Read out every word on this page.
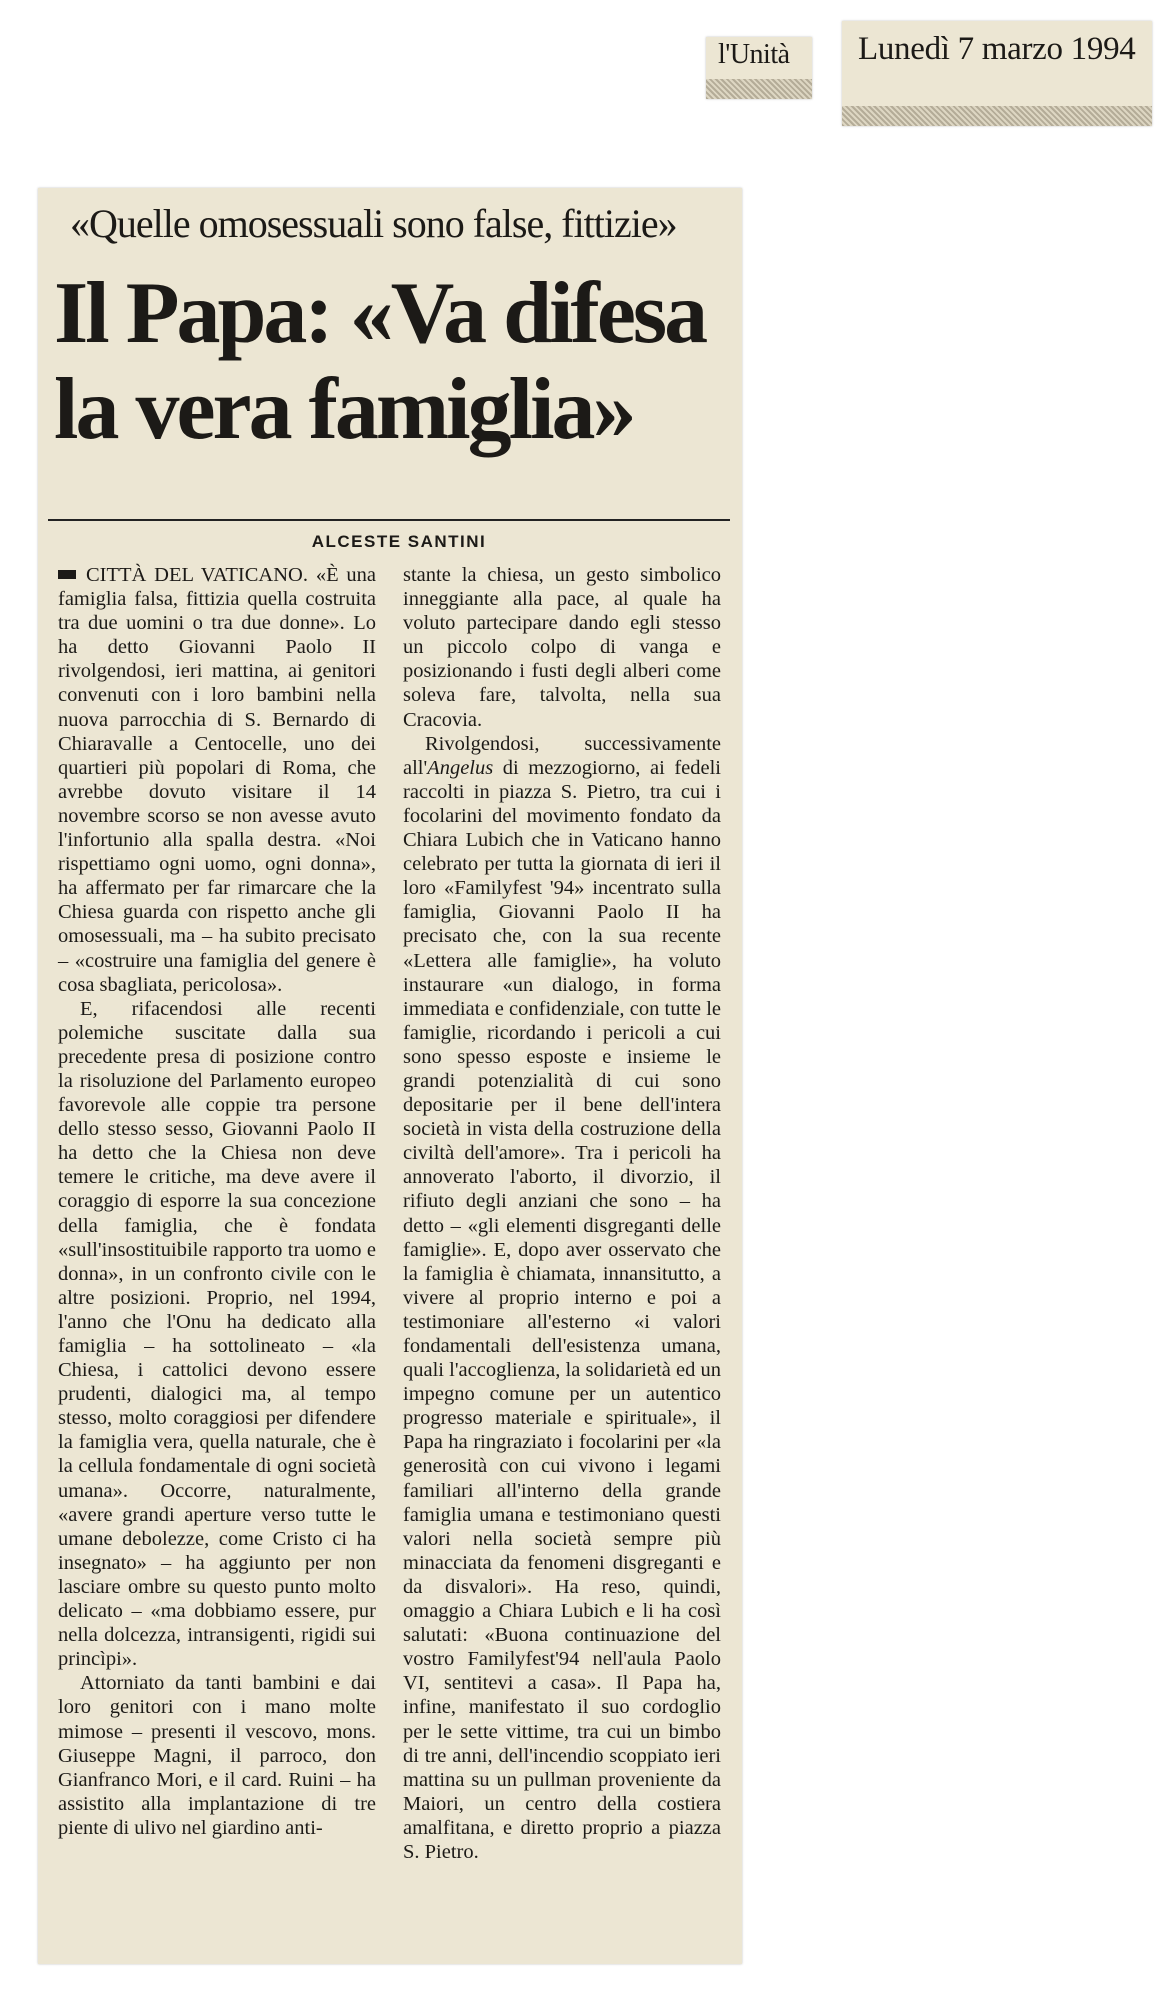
l'Unità Lunedì 7 marzo 1994
«Quelle omosessuali sono false, fittizie»
Il Papa: «Va difesa
la vera famiglia»
ALCESTE SANTINI

CITTÀ DEL VATICANO. «È una famiglia falsa, fittizia quella costruita tra due uomini o tra due donne». Lo ha detto Giovanni Paolo II rivolgendosi, ieri mattina, ai genitori convenuti con i loro bambini nella nuova parrocchia di S. Bernardo di Chiaravalle a Centocelle, uno dei quartieri più popolari di Roma, che avrebbe dovuto visitare il 14 novembre scorso se non avesse avuto l'infortunio alla spalla destra. «Noi rispettiamo ogni uomo, ogni donna», ha affermato per far rimarcare che la Chiesa guarda con rispetto anche gli omosessuali, ma – ha subito precisato – «costruire una famiglia del genere è cosa sbagliata, pericolosa».

E, rifacendosi alle recenti polemiche suscitate dalla sua precedente presa di posizione contro la risoluzione del Parlamento europeo favorevole alle coppie tra persone dello stesso sesso, Giovanni Paolo II ha detto che la Chiesa non deve temere le critiche, ma deve avere il coraggio di esporre la sua concezione della famiglia, che è fondata «sull'insostituibile rapporto tra uomo e donna», in un confronto civile con le altre posizioni. Proprio, nel 1994, l'anno che l'Onu ha dedicato alla famiglia – ha sottolineato – «la Chiesa, i cattolici devono essere prudenti, dialogici ma, al tempo stesso, molto coraggiosi per difendere la famiglia vera, quella naturale, che è la cellula fondamentale di ogni società umana». Occorre, naturalmente, «avere grandi aperture verso tutte le umane debolezze, come Cristo ci ha insegnato» – ha aggiunto per non lasciare ombre su questo punto molto delicato – «ma dobbiamo essere, pur nella dolcezza, intransigenti, rigidi sui princìpi».

Attorniato da tanti bambini e dai loro genitori con i mano molte mimose – presenti il vescovo, mons. Giuseppe Magni, il parroco, don Gianfranco Mori, e il card. Ruini – ha assistito alla implantazione di tre piente di ulivo nel giardino anti-

stante la chiesa, un gesto simbolico inneggiante alla pace, al quale ha voluto partecipare dando egli stesso un piccolo colpo di vanga e posizionando i fusti degli alberi come soleva fare, talvolta, nella sua Cracovia.

Rivolgendosi, successivamente all'Angelus di mezzogiorno, ai fedeli raccolti in piazza S. Pietro, tra cui i focolarini del movimento fondato da Chiara Lubich che in Vaticano hanno celebrato per tutta la giornata di ieri il loro «Familyfest '94» incentrato sulla famiglia, Giovanni Paolo II ha precisato che, con la sua recente «Lettera alle famiglie», ha voluto instaurare «un dialogo, in forma immediata e confidenziale, con tutte le famiglie, ricordando i pericoli a cui sono spesso esposte e insieme le grandi potenzialità di cui sono depositarie per il bene dell'intera società in vista della costruzione della civiltà dell'amore». Tra i pericoli ha annoverato l'aborto, il divorzio, il rifiuto degli anziani che sono – ha detto – «gli elementi disgreganti delle famiglie». E, dopo aver osservato che la famiglia è chiamata, innansitutto, a vivere al proprio interno e poi a testimoniare all'esterno «i valori fondamentali dell'esistenza umana, quali l'accoglienza, la solidarietà ed un impegno comune per un autentico progresso materiale e spirituale», il Papa ha ringraziato i focolarini per «la generosità con cui vivono i legami familiari all'interno della grande famiglia umana e testimoniano questi valori nella società sempre più minacciata da fenomeni disgreganti e da disvalori». Ha reso, quindi, omaggio a Chiara Lubich e li ha così salutati: «Buona continuazione del vostro Familyfest'94 nell'aula Paolo VI, sentitevi a casa». Il Papa ha, infine, manifestato il suo cordoglio per le sette vittime, tra cui un bimbo di tre anni, dell'incendio scoppiato ieri mattina su un pullman proveniente da Maiori, un centro della costiera amalfitana, e diretto proprio a piazza S. Pietro.
